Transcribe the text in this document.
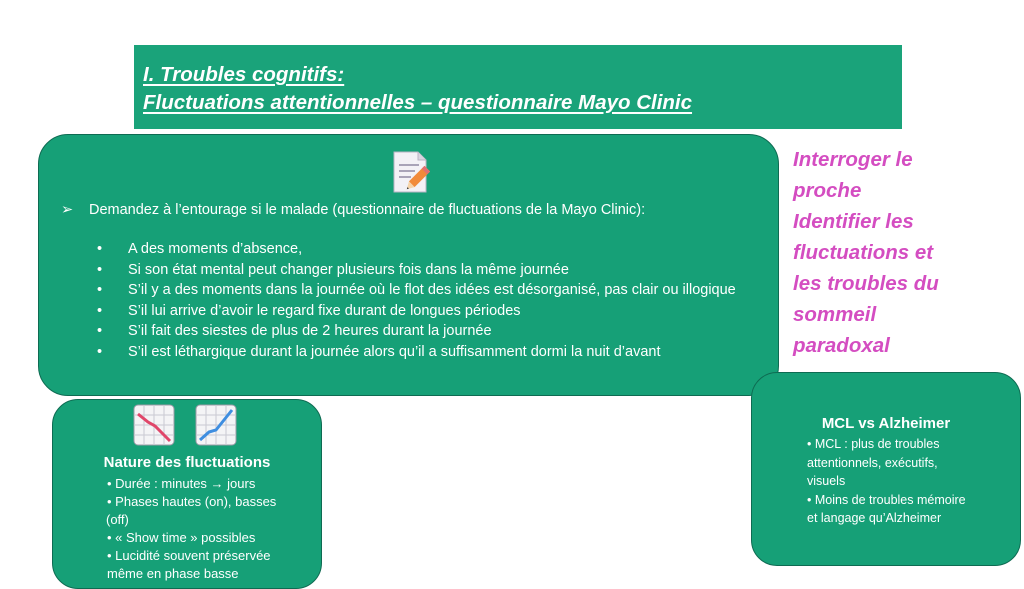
I. Troubles cognitifs:
Fluctuations attentionnelles – questionnaire Mayo Clinic
➢ Demandez à l’entourage si le malade (questionnaire de fluctuations de la Mayo Clinic):
• A des moments d’absence,
• Si son état mental peut changer plusieurs fois dans la même journée
• S’il y a des moments dans la journée où le flot des idées est désorganisé, pas clair ou illogique
• S’il lui arrive d’avoir le regard fixe durant de longues périodes
• S’il fait des siestes de plus de 2 heures durant la journée
• S’il est léthargique durant la journée alors qu’il a suffisamment dormi la nuit d’avant
Interroger le
proche
Identifier les
fluctuations et
les troubles du
sommeil
paradoxal
Nature des fluctuations
• Durée : minutes → jours
• Phases hautes (on), basses
(off)
• « Show time » possibles
• Lucidité souvent préservée
même en phase basse
MCL vs Alzheimer
• MCL : plus de troubles
attentionnels, exécutifs,
visuels
• Moins de troubles mémoire
et langage qu’Alzheimer
